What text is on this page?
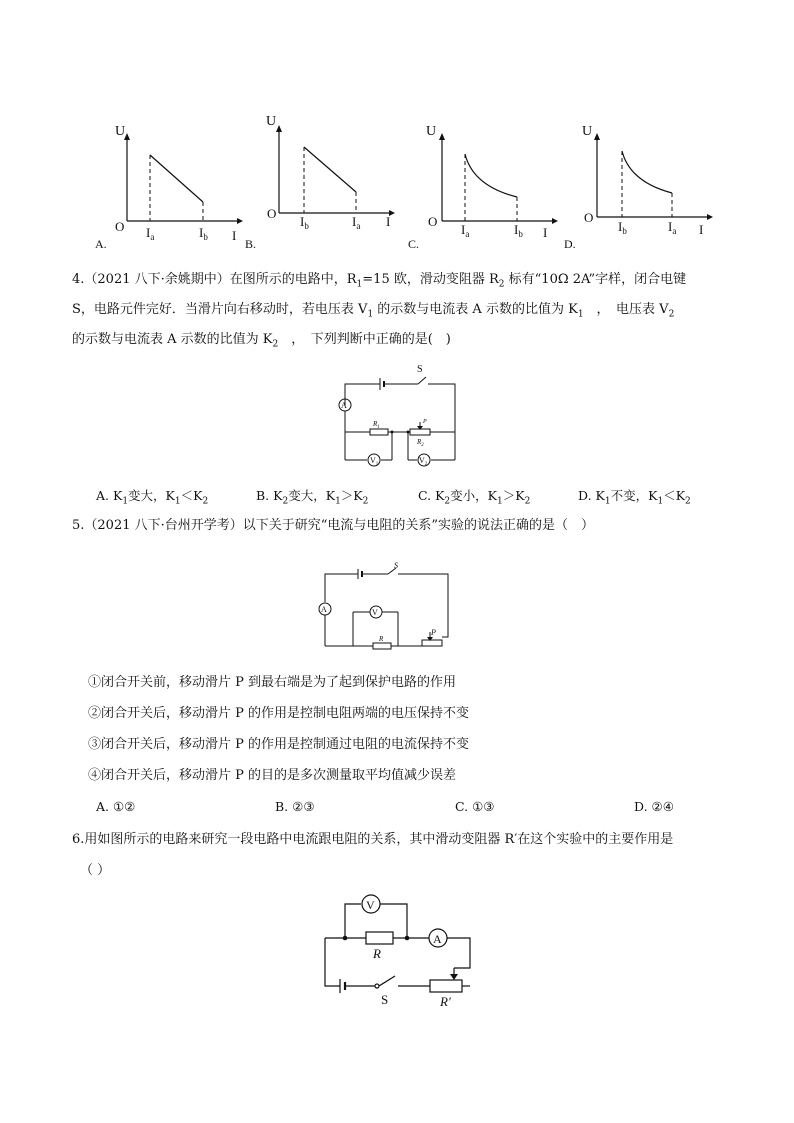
U
O
I
$I_a$	$I_b$
A.
U
O
I
$I_b$	$I_a$
B.
U
O
I
$I_a$	$I_b$
C.
U
O
I
$I_b$	$I_a$
D.
4.（2021 八下·余姚期中）在图所示的电路中，$R_1=15$ 欧，滑动变阻器 $R_2$ 标有“10Ω 2A”字样，闭合电键
S，电路元件完好．当滑片向右移动时，若电压表 $V_1$ 的示数与电流表 A 示数的比值为 $K_1$　，　电压表 $V_2$
的示数与电流表 A 示数的比值为 $K_2$　，　下列判断中正确的是(　)
S
A
$R_1$
$R_2$
P
$V_1$	$V_2$
A. $K_1$变大，$K_1<K_2$	B. $K_2$变大，$K_1>K_2$	C. $K_2$变小，$K_1>K_2$	D. $K_1$不变，$K_1<K_2$
5.（2021 八下·台州开学考）以下关于研究“电流与电阻的关系”实验的说法正确的是（　）
S
A	V
R
P
①闭合开关前，移动滑片 P 到最右端是为了起到保护电路的作用
②闭合开关后，移动滑片 P 的作用是控制电阻两端的电压保持不变
③闭合开关后，移动滑片 P 的作用是控制通过电阻的电流保持不变
④闭合开关后，移动滑片 P 的目的是多次测量取平均值减少误差
A. ①②	B. ②③	C. ①③	D. ②④
6.用如图所示的电路来研究一段电路中电流跟电阻的关系，其中滑动变阻器 R′在这个实验中的主要作用是
（ ）
V
A
R
S	R′
